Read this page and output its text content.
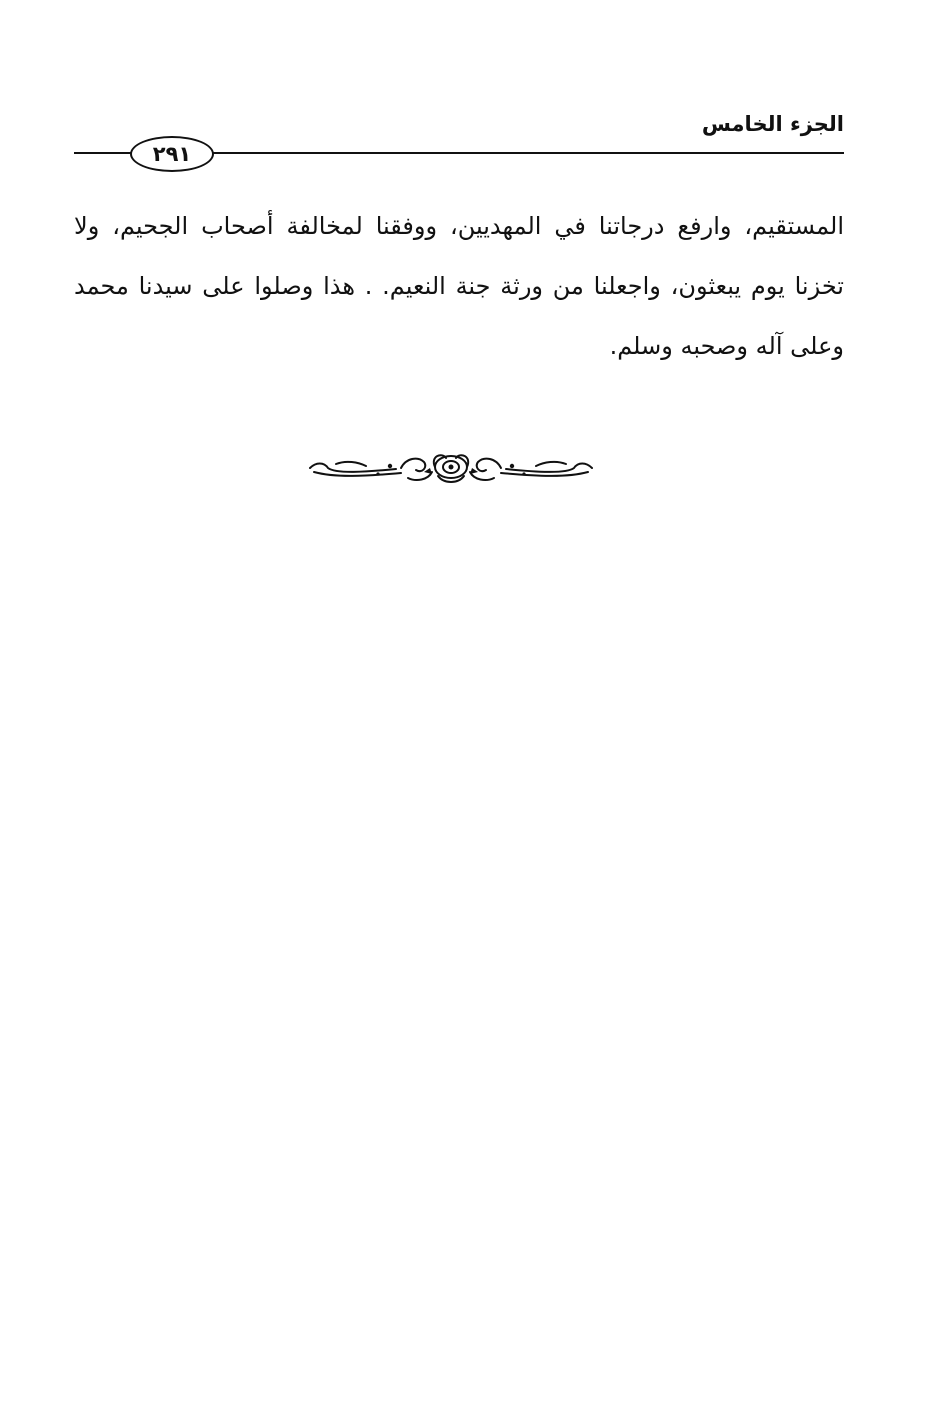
الجزء الخامس
٢٩١
المستقيم، وارفع درجاتنا في المهديين، ووفقنا لمخالفة أصحاب الجحيم، ولا
تخزنا يوم يبعثون، واجعلنا من ورثة جنة النعيم. . هذا وصلوا على سيدنا محمد
وعلى آله وصحبه وسلم.
